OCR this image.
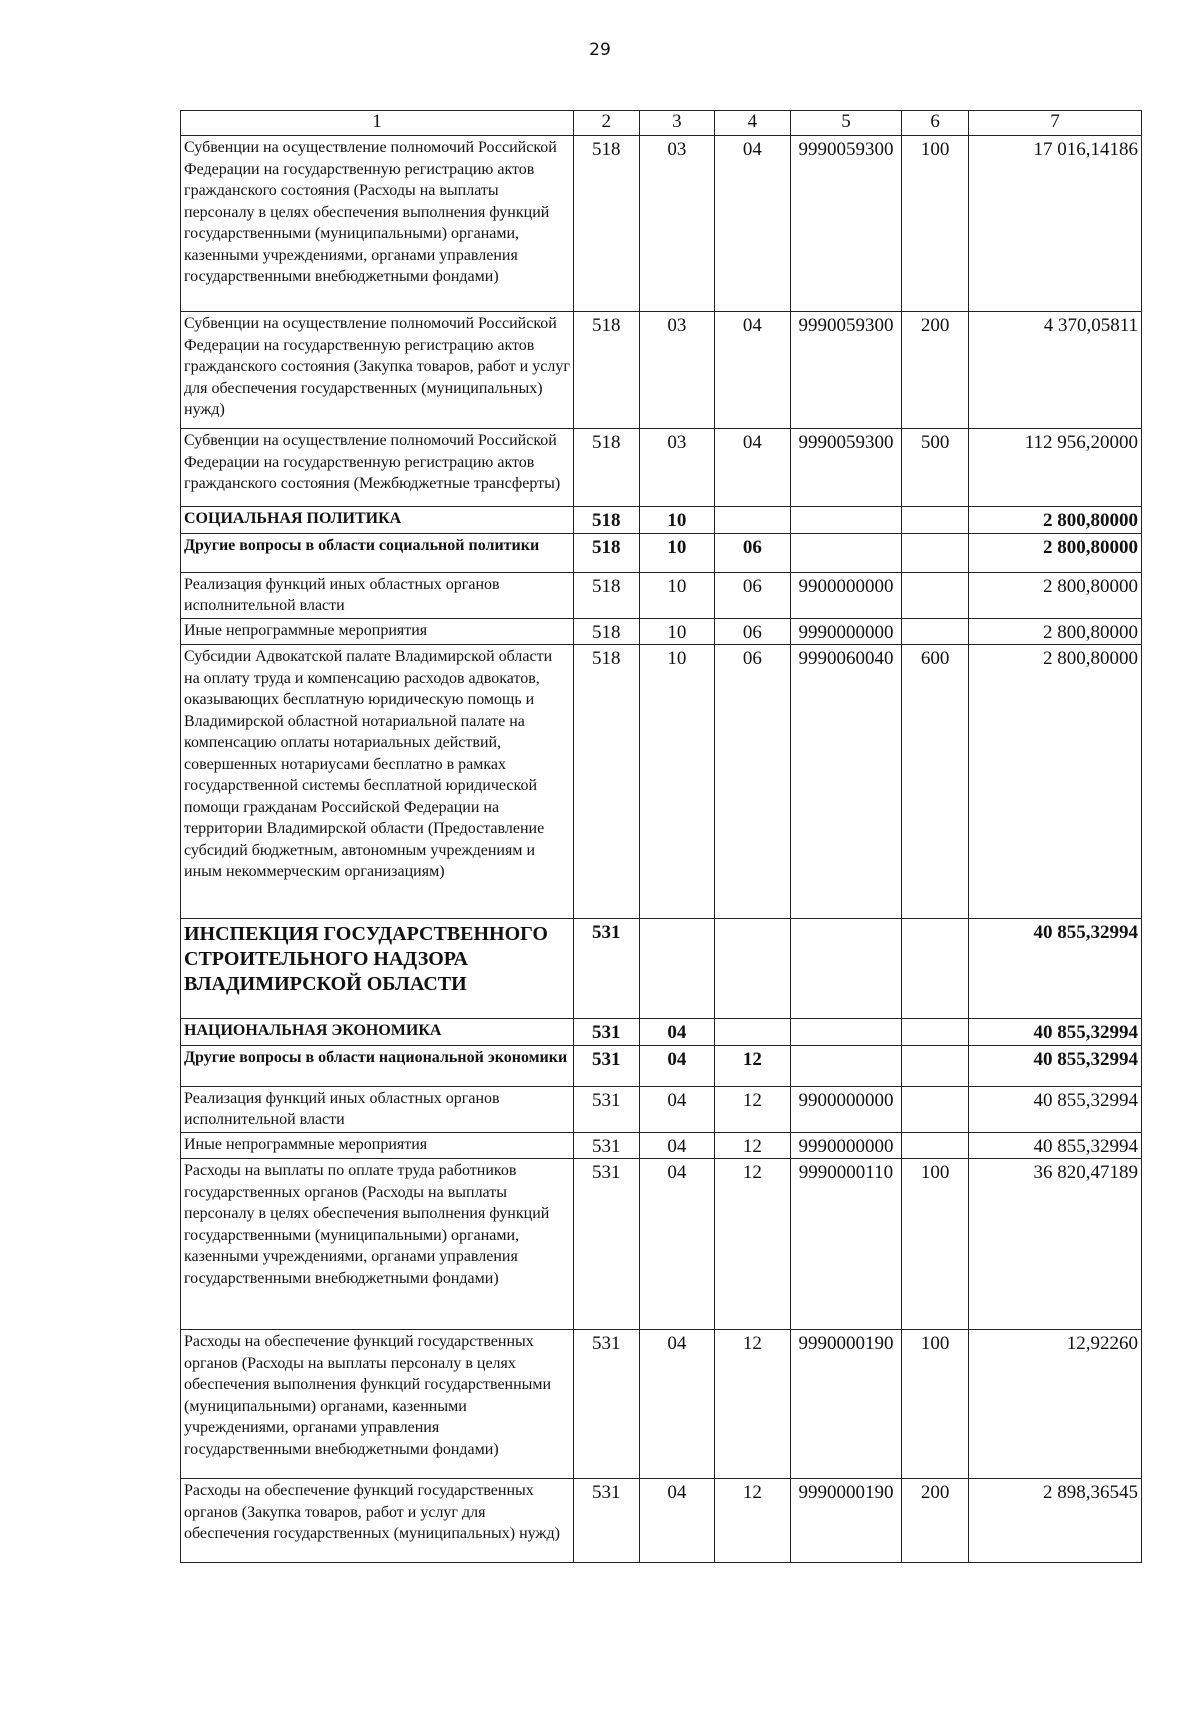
29
1	2	3	4	5	6	7
Субвенции на осуществление полномочий Российской Федерации на государственную регистрацию актов гражданского состояния (Расходы на выплаты персоналу в целях обеспечения выполнения функций государственными (муниципальными) органами, казенными учреждениями, органами управления государственными внебюджетными фондами)	518	03	04	9990059300	100	17 016,14186
Субвенции на осуществление полномочий Российской Федерации на государственную регистрацию актов гражданского состояния (Закупка товаров, работ и услуг для обеспечения государственных (муниципальных) нужд)	518	03	04	9990059300	200	4 370,05811
Субвенции на осуществление полномочий Российской Федерации на государственную регистрацию актов гражданского состояния (Межбюджетные трансферты)	518	03	04	9990059300	500	112 956,20000
СОЦИАЛЬНАЯ ПОЛИТИКА	518	10				2 800,80000
Другие вопросы в области социальной политики	518	10	06			2 800,80000
Реализация функций иных областных органов исполнительной власти	518	10	06	9900000000		2 800,80000
Иные непрограммные мероприятия	518	10	06	9990000000		2 800,80000
Субсидии Адвокатской палате Владимирской области на оплату труда и компенсацию расходов адвокатов, оказывающих бесплатную юридическую помощь и Владимирской областной нотариальной палате на компенсацию оплаты нотариальных действий, совершенных нотариусами бесплатно в рамках государственной системы бесплатной юридической помощи гражданам Российской Федерации на территории Владимирской области (Предоставление субсидий бюджетным, автономным учреждениям и иным некоммерческим организациям)	518	10	06	9990060040	600	2 800,80000
ИНСПЕКЦИЯ ГОСУДАРСТВЕННОГО СТРОИТЕЛЬНОГО НАДЗОРА ВЛАДИМИРСКОЙ ОБЛАСТИ	531					40 855,32994
НАЦИОНАЛЬНАЯ ЭКОНОМИКА	531	04				40 855,32994
Другие вопросы в области национальной экономики	531	04	12			40 855,32994
Реализация функций иных областных органов исполнительной власти	531	04	12	9900000000		40 855,32994
Иные непрограммные мероприятия	531	04	12	9990000000		40 855,32994
Расходы на выплаты по оплате труда работников государственных органов (Расходы на выплаты персоналу в целях обеспечения выполнения функций государственными (муниципальными) органами, казенными учреждениями, органами управления государственными внебюджетными фондами)	531	04	12	9990000110	100	36 820,47189
Расходы на обеспечение функций государственных органов (Расходы на выплаты персоналу в целях обеспечения выполнения функций государственными (муниципальными) органами, казенными учреждениями, органами управления государственными внебюджетными фондами)	531	04	12	9990000190	100	12,92260
Расходы на обеспечение функций государственных органов (Закупка товаров, работ и услуг для обеспечения государственных (муниципальных) нужд)	531	04	12	9990000190	200	2 898,36545
